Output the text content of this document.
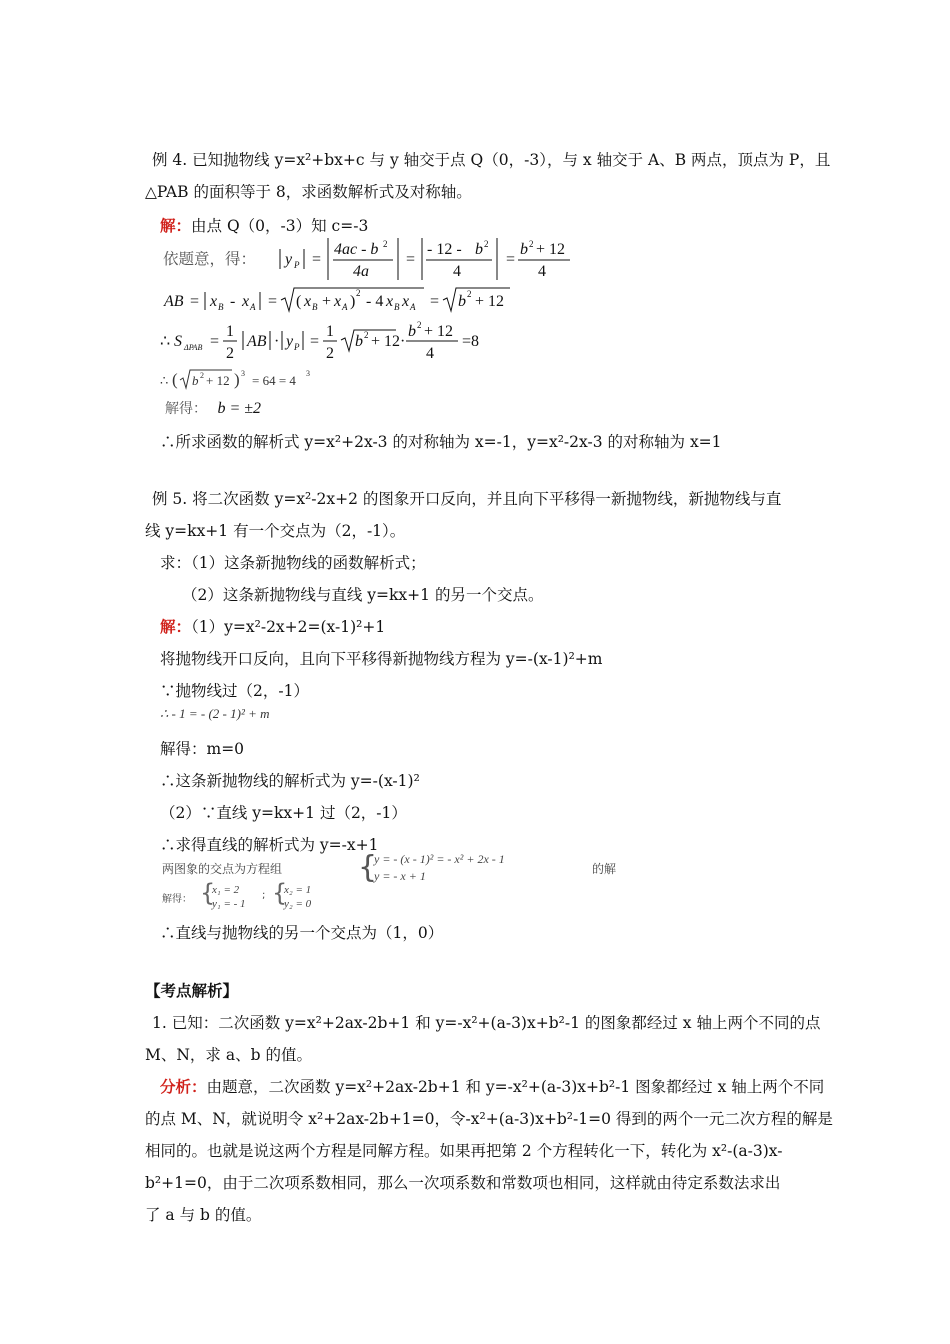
例 4. 已知抛物线 y=x²+bx+c 与 y 轴交于点 Q（0，-3），与 x 轴交于 A、B 两点，顶点为 P，且
△PAB 的面积等于 8，求函数解析式及对称轴。
解：由点 Q（0，-3）知 c=-3
依题意，得： y P =
4ac - b 2
4a
=
- 12 - b 2
4
=
b 2 + 12
4
AB = x B - x A = ( x B + x A ) 2 - 4 x B x A = b 2 + 12
∴ S ΔPAB =
1
2
AB · y P =
1
2
b 2 + 12 ·
b 2 + 12
4
=8
∴ ( b 2 + 12 ) 3 = 64 = 4 3
解得： b = ±2
∴所求函数的解析式 y=x²+2x-3 的对称轴为 x=-1，y=x²-2x-3 的对称轴为 x=1
例 5. 将二次函数 y=x²-2x+2 的图象开口反向，并且向下平移得一新抛物线，新抛物线与直
线 y=kx+1 有一个交点为（2，-1）。
求：（1）这条新抛物线的函数解析式；
（2）这条新抛物线与直线 y=kx+1 的另一个交点。
解：（1）y=x²-2x+2=(x-1)²+1
将抛物线开口反向，且向下平移得新抛物线方程为 y=-(x-1)²+m
∵抛物线过（2，-1）
∴ - 1 = - (2 - 1)² + m
解得：m=0
∴这条新抛物线的解析式为 y=-(x-1)²
（2）∵直线 y=kx+1 过（2，-1）
∴求得直线的解析式为 y=-x+1
两图象的交点为方程组	{
y = - (x - 1)² = - x² + 2x - 1
y = - x + 1	的解
解得： {
x₁ = 2
y₁ = - 1
; {
x₂ = 1
y₂ = 0
∴直线与抛物线的另一个交点为（1，0）
【考点解析】
1. 已知：二次函数 y=x²+2ax-2b+1 和 y=-x²+(a-3)x+b²-1 的图象都经过 x 轴上两个不同的点
M、N，求 a、b 的值。
分析：由题意，二次函数 y=x²+2ax-2b+1 和 y=-x²+(a-3)x+b²-1 图象都经过 x 轴上两个不同
的点 M、N，就说明令 x²+2ax-2b+1=0，令-x²+(a-3)x+b²-1=0 得到的两个一元二次方程的解是
相同的。也就是说这两个方程是同解方程。如果再把第 2 个方程转化一下，转化为 x²-(a-3)x-
b²+1=0，由于二次项系数相同，那么一次项系数和常数项也相同，这样就由待定系数法求出
了 a 与 b 的值。
